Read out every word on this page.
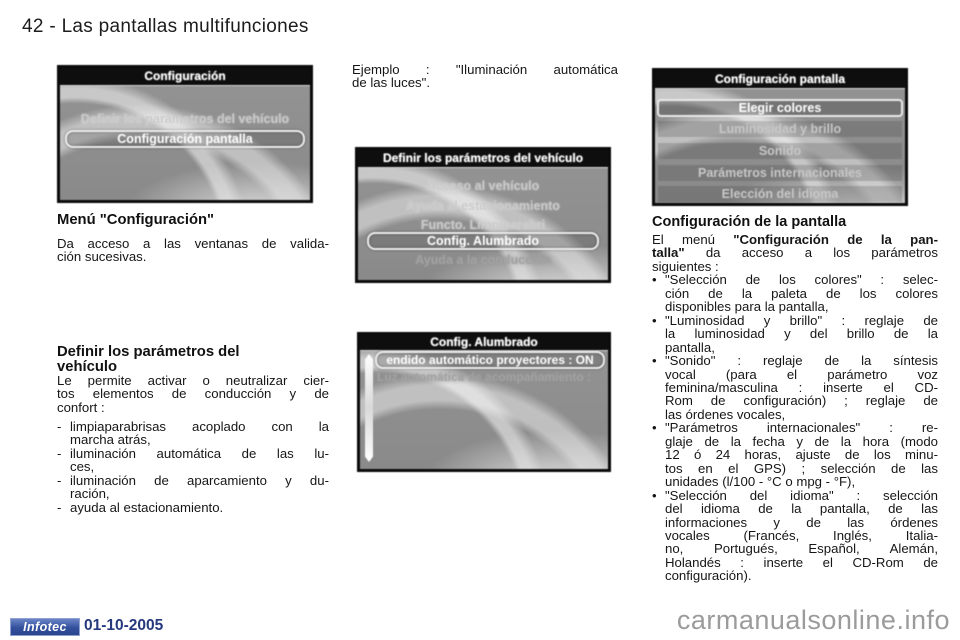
42 - Las pantallas multifunciones
Configuración
Definir los parámetros del vehículo
Configuración pantalla
Menú "Configuración"
Da acceso a las ventanas de valida-
ción sucesivas.
Definir los parámetros del
vehículo
Le permite activar o neutralizar cier-
tos elementos de conducción y de
confort :
- limpiaparabrisas acoplado con la
marcha atrás,
- iluminación automática de las lu-
ces,
- iluminación de aparcamiento y du-
ración,
- ayuda al estacionamiento.
Ejemplo : "Iluminación automática
de las luces".
Definir los parámetros del vehículo
Acceso al vehículo
Ayuda al estacionamiento
Functo. Limp/parabri
Config. Alumbrado
Ayuda a la conducción
Config. Alumbrado
endido automático proyectores : ON
Luz automática de acompañamiento :
Configuración pantalla
Elegir colores
Luminosidad y brillo
Sonido
Parámetros internacionales
Elección del idioma
Configuración de la pantalla
El menú "Configuración de la pan-
talla" da acceso a los parámetros
siguientes :
• "Selección de los colores" : selec-
ción de la paleta de los colores
disponibles para la pantalla,
• "Luminosidad y brillo" : reglaje de
la luminosidad y del brillo de la
pantalla,
• "Sonido" : reglaje de la síntesis
vocal (para el parámetro voz
feminina/masculina : inserte el CD-
Rom de configuración) ; reglaje de
las órdenes vocales,
• "Parámetros internacionales" : re-
glaje de la fecha y de la hora (modo
12 ó 24 horas, ajuste de los minu-
tos en el GPS) ; selección de las
unidades (l/100 - °C o mpg - °F),
• "Selección del idioma" : selección
del idioma de la pantalla, de las
informaciones y de las órdenes
vocales (Francés, Inglés, Italia-
no, Portugués, Español, Alemán,
Holandés : inserte el CD-Rom de
configuración).
Infotec	01-10-2005	carmanualsonline.info
